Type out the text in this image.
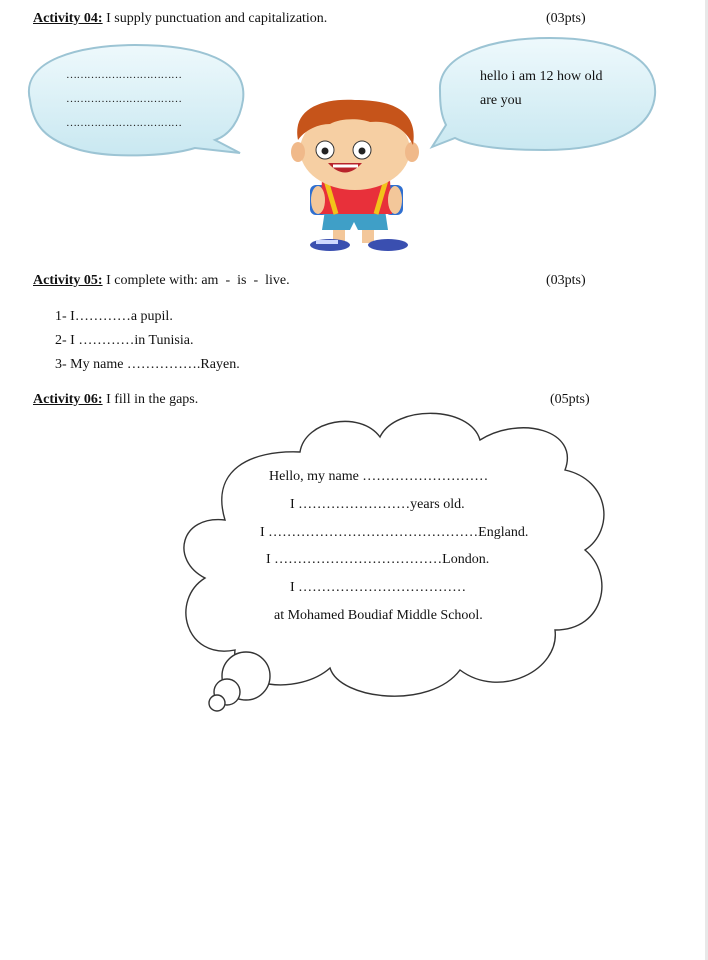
Activity 04: I supply punctuation and capitalization.	(03pts)
……………………………
……………………………
……………………………
hello i am 12 how old
are you
Activity 05: I complete with: am  -  is  -  live.	(03pts)
1- I…………a pupil.
2- I …………in Tunisia.
3- My name …………….Rayen.
Activity 06: I fill in the gaps.	(05pts)
Hello, my name ………………………
I ……………………years old.
I ………………………………………England.
I ………………………………London.
I ………………………………
at Mohamed Boudiaf Middle School.
